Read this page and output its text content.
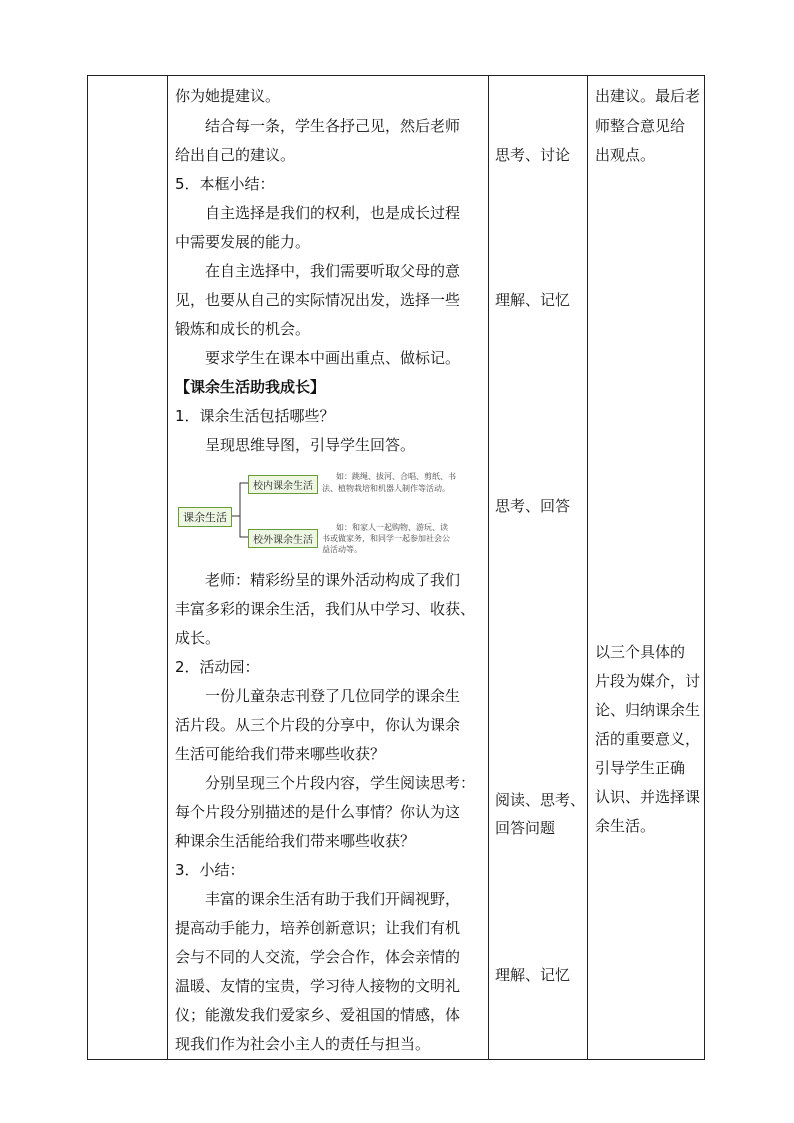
你为她提建议。
结合每一条，学生各抒己见，然后老师
给出自己的建议。
5．本框小结：
自主选择是我们的权利，也是成长过程
中需要发展的能力。
在自主选择中，我们需要听取父母的意
见，也要从自己的实际情况出发，选择一些
锻炼和成长的机会。
要求学生在课本中画出重点、做标记。
【课余生活助我成长】
1．课余生活包括哪些？
呈现思维导图，引导学生回答。
课余生活
校内课余生活
如：跳绳、拔河、合唱、剪纸、书
法、植物栽培和机器人制作等活动。
校外课余生活
如：和家人一起购物、游玩、读
书或做家务，和同学一起参加社会公
益活动等。
老师：精彩纷呈的课外活动构成了我们
丰富多彩的课余生活，我们从中学习、收获、
成长。
2．活动园：
一份儿童杂志刊登了几位同学的课余生
活片段。从三个片段的分享中，你认为课余
生活可能给我们带来哪些收获？
分别呈现三个片段内容，学生阅读思考：
每个片段分别描述的是什么事情？你认为这
种课余生活能给我们带来哪些收获？
3．小结：
丰富的课余生活有助于我们开阔视野，
提高动手能力，培养创新意识；让我们有机
会与不同的人交流，学会合作，体会亲情的
温暖、友情的宝贵，学习待人接物的文明礼
仪；能激发我们爱家乡、爱祖国的情感，体
现我们作为社会小主人的责任与担当。
思考、讨论
理解、记忆
思考、回答
阅读、思考、
回答问题
理解、记忆
出建议。最后老
师整合意见给
出观点。
以三个具体的
片段为媒介，讨
论、归纳课余生
活的重要意义，
引导学生正确
认识、并选择课
余生活。
